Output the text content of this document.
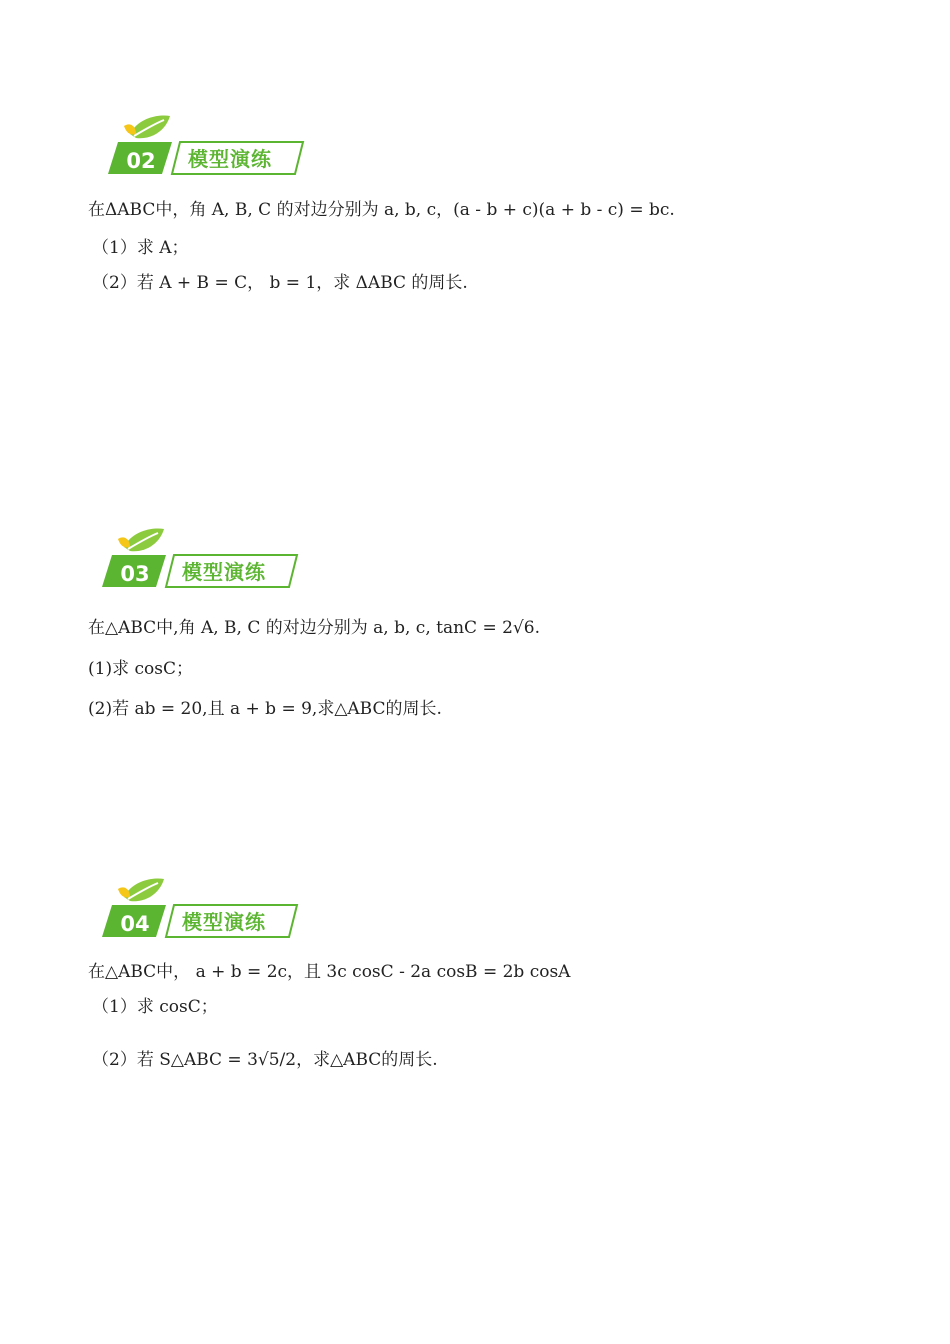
02	模型演练
在ΔABC中，角 A, B, C 的对边分别为 a, b, c，(a - b + c)(a + b - c) = bc.
（1）求 A；
（2）若 A + B = C， b = 1，求 ΔABC 的周长.
03	模型演练
在△ABC中,角 A, B, C 的对边分别为 a, b, c, tanC = 2√6.
(1)求 cosC；
(2)若 ab = 20,且 a + b = 9,求△ABC的周长.
04	模型演练
在△ABC中， a + b = 2c，且 3c cosC - 2a cosB = 2b cosA
（1）求 cosC；
（2）若 S△ABC = 3√5/2，求△ABC的周长.
